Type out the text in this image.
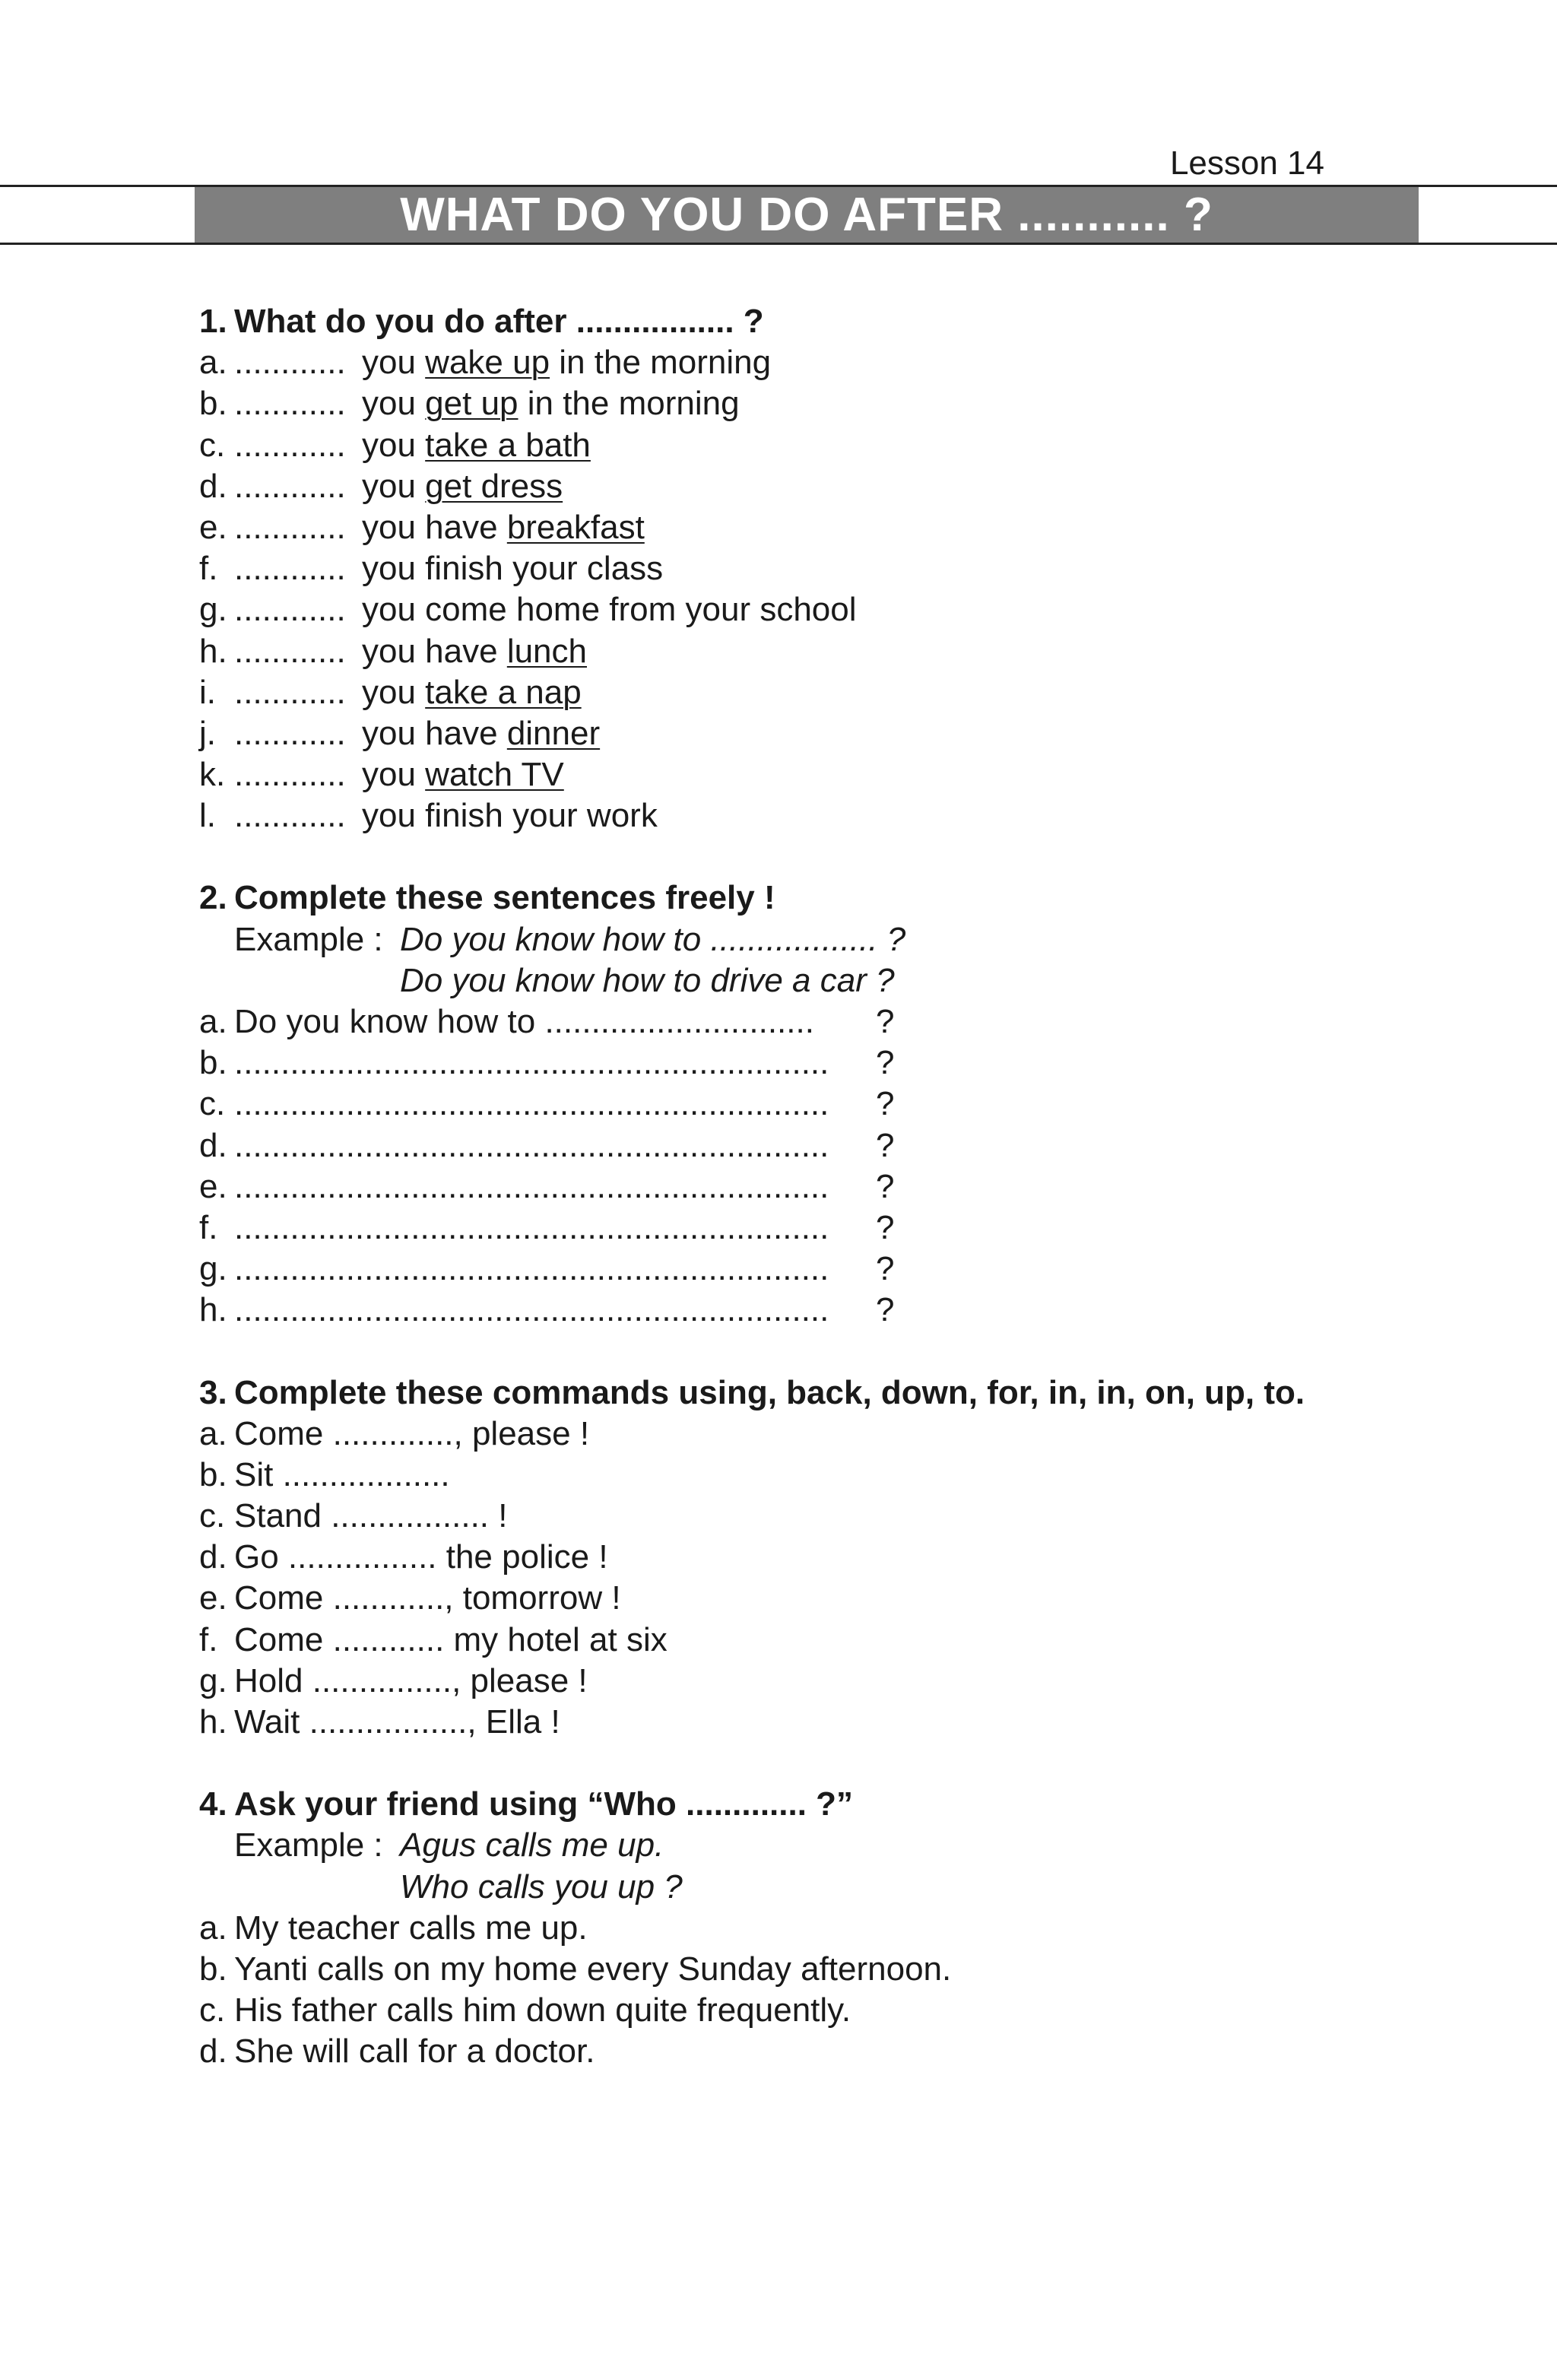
Lesson 14
WHAT DO YOU DO AFTER ........... ?
1. What do you do after ................. ?
a. ............ you wake up in the morning
b. ............ you get up in the morning
c. ............ you take a bath
d. ............ you get dress
e. ............ you have breakfast
f. ............ you finish your class
g. ............ you come home from your school
h. ............ you have lunch
i. ............ you take a nap
j. ............ you have dinner
k. ............ you watch TV
l. ............ you finish your work
2. Complete these sentences freely !
Example : Do you know how to .................. ?
Do you know how to drive a car ?
a. Do you know how to ............................. ?
b. ................................................................ ?
c. ................................................................ ?
d. ................................................................ ?
e. ................................................................ ?
f. ................................................................ ?
g. ................................................................ ?
h. ................................................................ ?
3. Complete these commands using, back, down, for, in, in, on, up, to.
a. Come ............., please !
b. Sit ..................
c. Stand ................. !
d. Go ................ the police !
e. Come ............, tomorrow !
f. Come ............ my hotel at six
g. Hold ..............., please !
h. Wait ................., Ella !
4. Ask your friend using “Who ............. ?”
Example : Agus calls me up.
Who calls you up ?
a. My teacher calls me up.
b. Yanti calls on my home every Sunday afternoon.
c. His father calls him down quite frequently.
d. She will call for a doctor.
